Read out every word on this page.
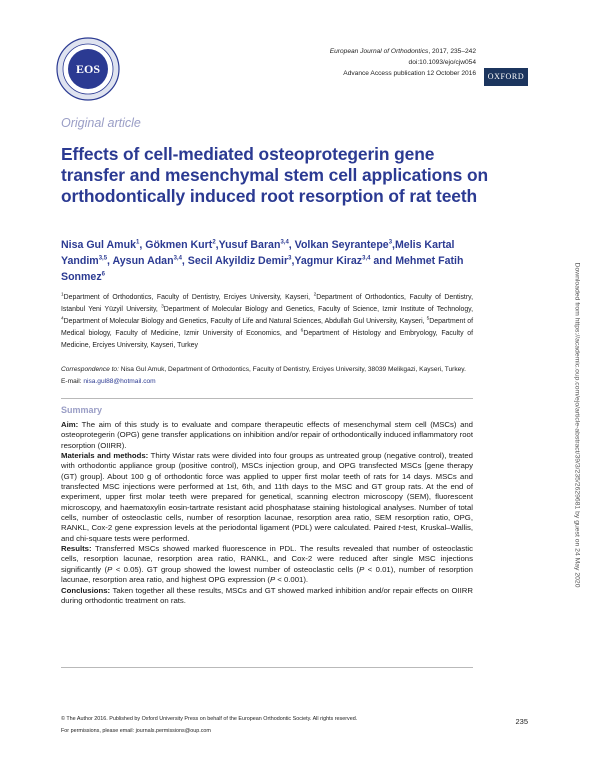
EOS
European Journal of Orthodontics, 2017, 235–242
doi:10.1093/ejo/cjw054
Advance Access publication 12 October 2016	OXFORD
Original article
Effects of cell-mediated osteoprotegerin gene transfer and mesenchymal stem cell applications on orthodontically induced root resorption of rat teeth
Nisa Gul Amuk$^1$, Gökmen Kurt$^2$,Yusuf Baran$^{3,4}$, Volkan Seyrantepe$^3$,Melis Kartal Yandim$^{3,5}$, Aysun Adan$^{3,4}$, Secil Akyildiz Demir$^3$,Yagmur Kiraz$^{3,4}$ and Mehmet Fatih Sonmez$^6$
$^1$Department of Orthodontics, Faculty of Dentistry, Erciyes University, Kayseri, $^2$Department of Orthodontics, Faculty of Dentistry, Istanbul Yeni Yüzyil University, $^3$Department of Molecular Biology and Genetics, Faculty of Science, Izmir Institute of Technology, $^4$Department of Molecular Biology and Genetics, Faculty of Life and Natural Sciences, Abdullah Gul University, Kayseri, $^5$Department of Medical biology, Faculty of Medicine, Izmir University of Economics, and $^6$Department of Histology and Embryology, Faculty of Medicine, Erciyes University, Kayseri, Turkey
Correspondence to: Nisa Gul Amuk, Department of Orthodontics, Faculty of Dentistry, Erciyes University, 38039 Melikgazi, Kayseri, Turkey. E-mail: nisa.gul88@hotmail.com
Summary

Aim: The aim of this study is to evaluate and compare therapeutic effects of mesenchymal stem cell (MSCs) and osteoprotegerin (OPG) gene transfer applications on inhibition and/or repair of orthodontically induced inflammatory root resorption (OIIRR).

Materials and methods: Thirty Wistar rats were divided into four groups as untreated group (negative control), treated with orthodontic appliance group (positive control), MSCs injection group, and OPG transfected MSCs [gene therapy (GT) group]. About 100 g of orthodontic force was applied to upper first molar teeth of rats for 14 days. MSCs and transfected MSC injections were performed at 1st, 6th, and 11th days to the MSC and GT group rats. At the end of experiment, upper first molar teeth were prepared for genetical, scanning electron microscopy (SEM), fluorescent microscopy, and haematoxylin eosin-tartrate resistant acid phosphatase staining histological analyses. Number of total cells, number of osteoclastic cells, number of resorption lacunae, resorption area ratio, SEM resorption ratio, OPG, RANKL, Cox-2 gene expression levels at the periodontal ligament (PDL) were calculated. Paired t-test, Kruskal–Wallis, and chi-square tests were performed.

Results: Transferred MSCs showed marked fluorescence in PDL. The results revealed that number of osteoclastic cells, resorption lacunae, resorption area ratio, RANKL, and Cox-2 were reduced after single MSC injections significantly (P < 0.05). GT group showed the lowest number of osteoclastic cells (P < 0.01), number of resorption lacunae, resorption area ratio, and highest OPG expression (P < 0.001).

Conclusions: Taken together all these results, MSCs and GT showed marked inhibition and/or repair effects on OIIRR during orthodontic treatment on rats.

© The Author 2016. Published by Oxford University Press on behalf of the European Orthodontic Society. All rights reserved.
For permissions, please email: journals.permissions@oup.com
235
Downloaded from https://academic.oup.com/ejo/article-abstract/39/3/235/2629681 by guest on 24 May 2020
